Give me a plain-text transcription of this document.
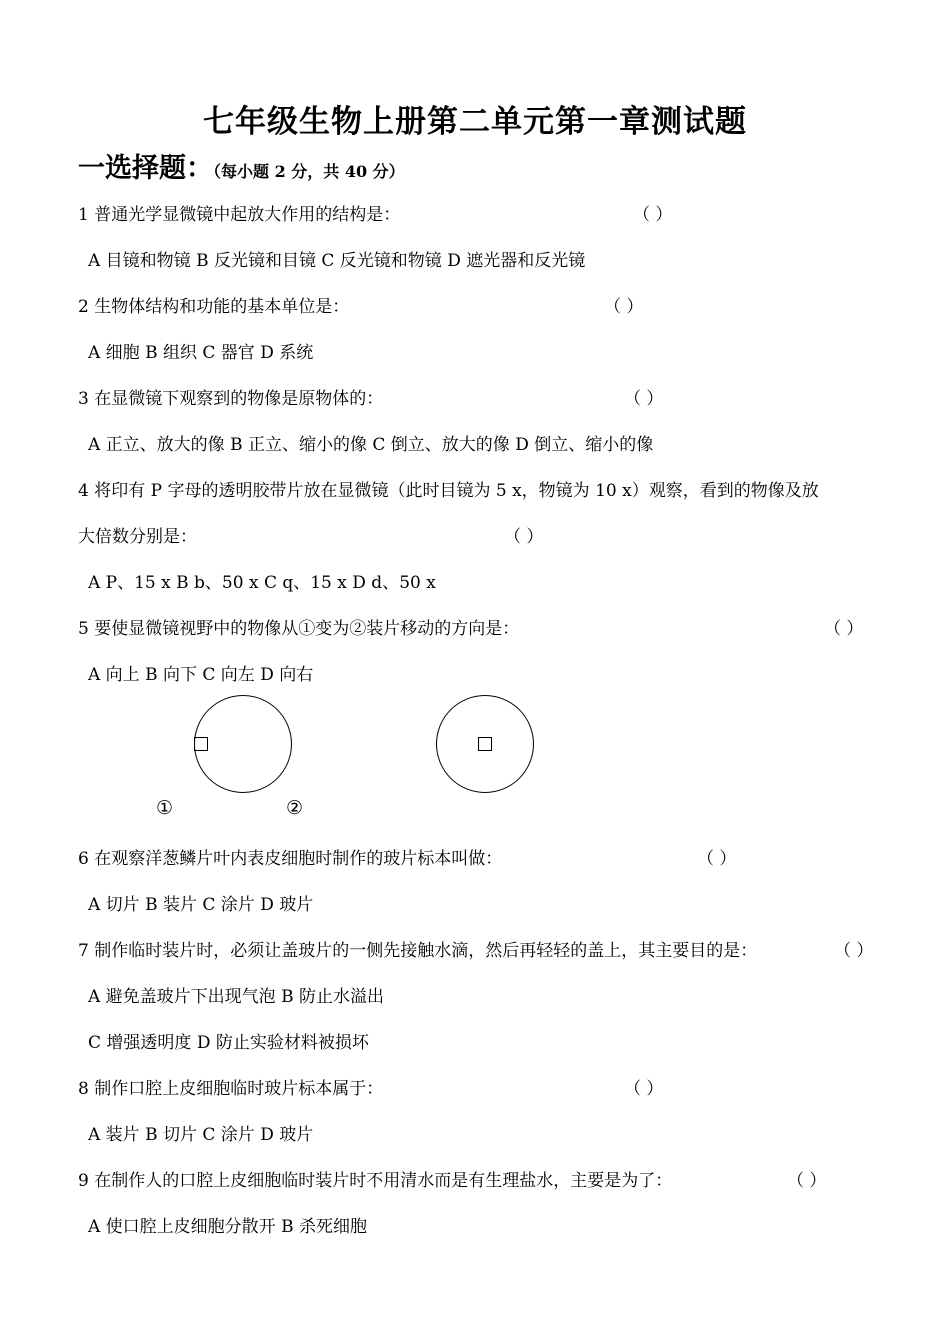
七年级生物上册第二单元第一章测试题
一选择题：（每小题 2 分，共 40 分）
1 普通光学显微镜中起放大作用的结构是：	（ ）
A 目镜和物镜 B 反光镜和目镜 C 反光镜和物镜 D 遮光器和反光镜
2 生物体结构和功能的基本单位是：	（ ）
A 细胞 B 组织 C 器官 D 系统
3 在显微镜下观察到的物像是原物体的：	（ ）
A 正立、放大的像 B 正立、缩小的像 C 倒立、放大的像 D 倒立、缩小的像
4 将印有 P 字母的透明胶带片放在显微镜（此时目镜为 5 x，物镜为 10 x）观察，看到的物像及放
大倍数分别是：	（ ）
A P、15 x B b、50 x C q、15 x D d、50 x
5 要使显微镜视野中的物像从①变为②装片移动的方向是：	（ ）
A 向上 B 向下 C 向左 D 向右
①	②
6 在观察洋葱鳞片叶内表皮细胞时制作的玻片标本叫做：	（ ）
A 切片 B 装片 C 涂片 D 玻片
7 制作临时装片时，必须让盖玻片的一侧先接触水滴，然后再轻轻的盖上，其主要目的是：	（ ）
A 避免盖玻片下出现气泡 B 防止水溢出
C 增强透明度 D 防止实验材料被损坏
8 制作口腔上皮细胞临时玻片标本属于：	（ ）
A 装片 B 切片 C 涂片 D 玻片
9 在制作人的口腔上皮细胞临时装片时不用清水而是有生理盐水，主要是为了：	（ ）
A 使口腔上皮细胞分散开 B 杀死细胞
